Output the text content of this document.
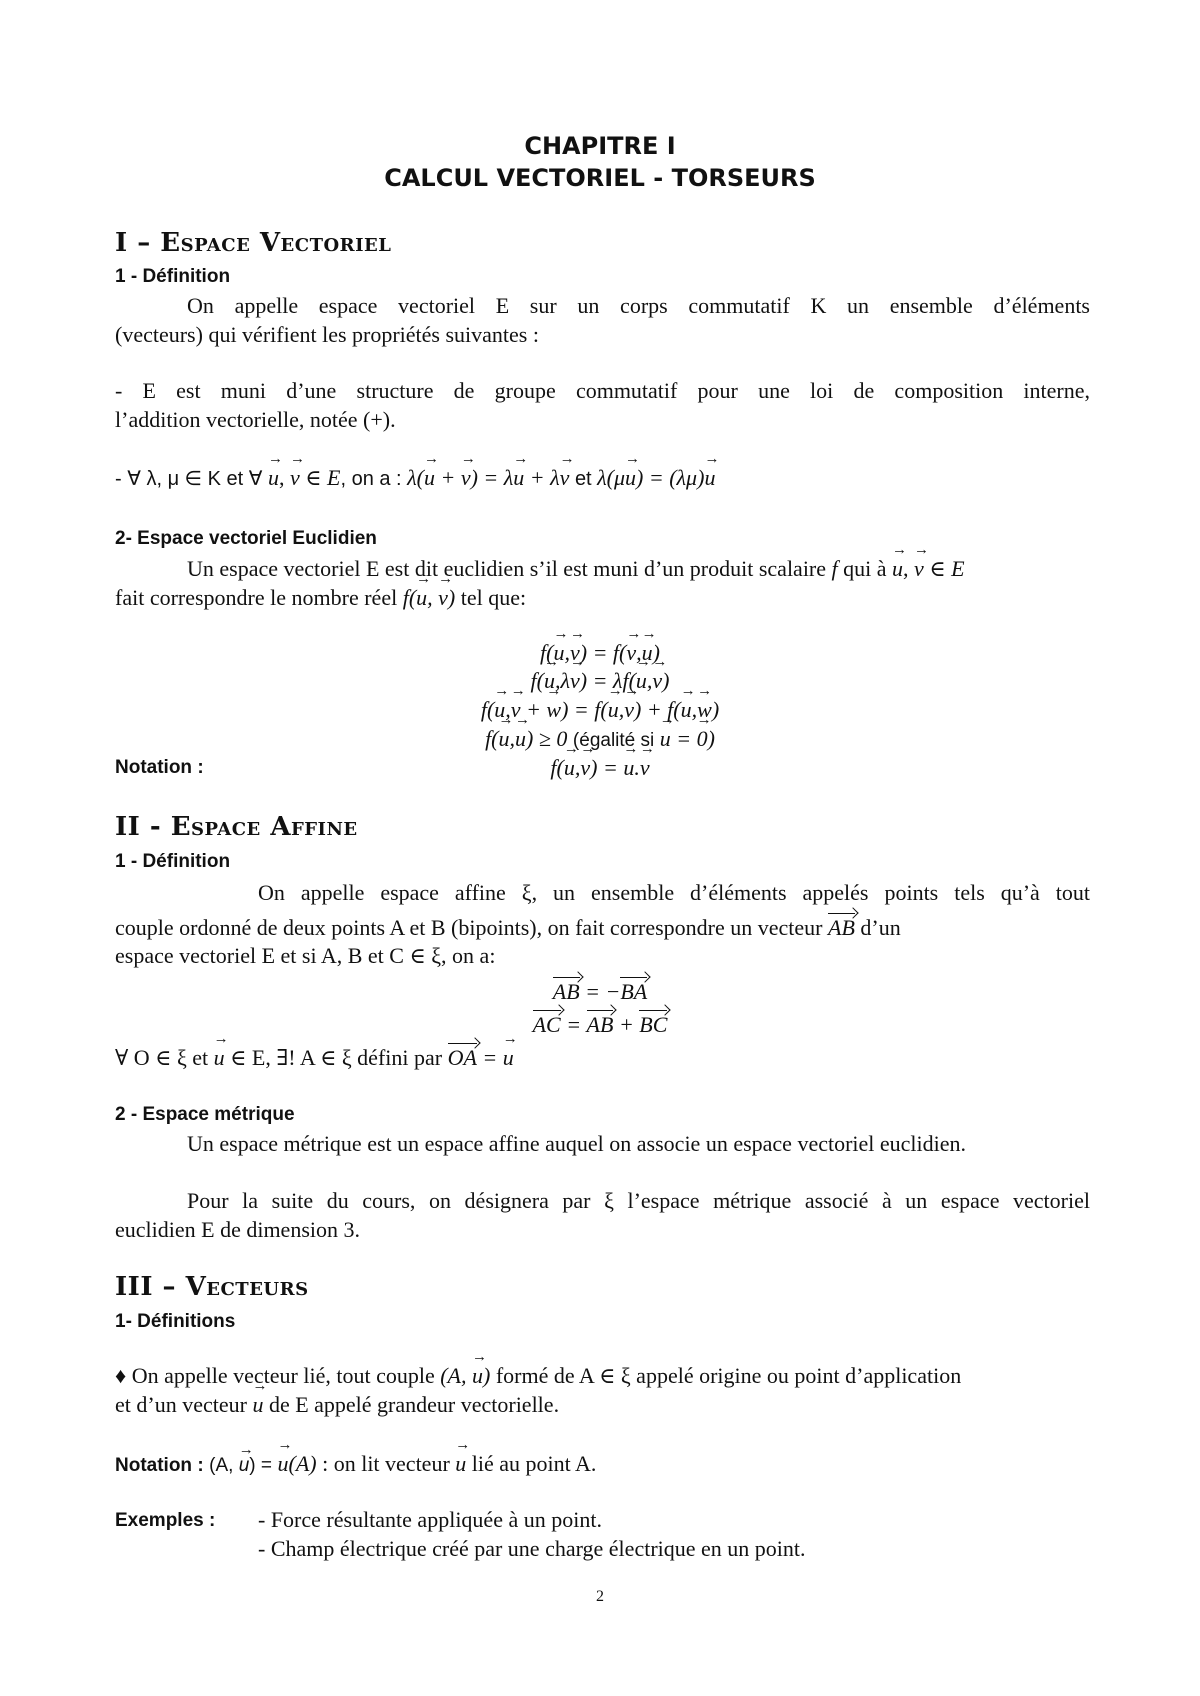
CHAPITRE I
CALCUL VECTORIEL - TORSEURS
I – Espace Vectoriel
1 - Définition
On appelle espace vectoriel E sur un corps commutatif K un ensemble d’éléments
(vecteurs) qui vérifient les propriétés suivantes :
- E est muni d’une structure de groupe commutatif pour une loi de composition interne,
l’addition vectorielle, notée (+).
- ∀ λ, μ ∈ K et ∀ → u, → v ∈ E, on a : λ(→ u + → v) = λ→ u + λ→ v et λ(μ→ u) = (λμ)→ u
2- Espace vectoriel Euclidien
Un espace vectoriel E est dit euclidien s’il est muni d’un produit scalaire f qui à → u, → v ∈ E
fait correspondre le nombre réel f(→ u, → v) tel que:
f(→ u,→ v) = f(→ v,→ u)
f(→ u,λ→ v) = λf(→ u,→ v)
f(→ u,→ v + → w) = f(→ u,→ v) + f(→ u,→ w)
f(→ u,→ u) ≥ 0 (égalité si → u = → 0)
Notation :	f(→ u,→ v) = → u.→ v
II - Espace Affine
1 - Définition
On appelle espace affine ξ, un ensemble d’éléments appelés points tels qu’à tout
couple ordonné de deux points A et B (bipoints), on fait correspondre un vecteur AB d’un
espace vectoriel E et si A, B et C ∈ ξ, on a:
AB = −BA
AC = AB + BC
∀ O ∈ ξ et → u ∈ E, ∃! A ∈ ξ défini par OA = → u
2 - Espace métrique
Un espace métrique est un espace affine auquel on associe un espace vectoriel euclidien.
Pour la suite du cours, on désignera par ξ l’espace métrique associé à un espace vectoriel
euclidien E de dimension 3.
III – Vecteurs
1- Définitions
♦ On appelle vecteur lié, tout couple (A, → u) formé de A ∈ ξ appelé origine ou point d’application
et d’un vecteur → u de E appelé grandeur vectorielle.
Notation : (A, → u) = → u(A) : on lit vecteur → u lié au point A.
Exemples : - Force résultante appliquée à un point.
- Champ électrique créé par une charge électrique en un point.
2
